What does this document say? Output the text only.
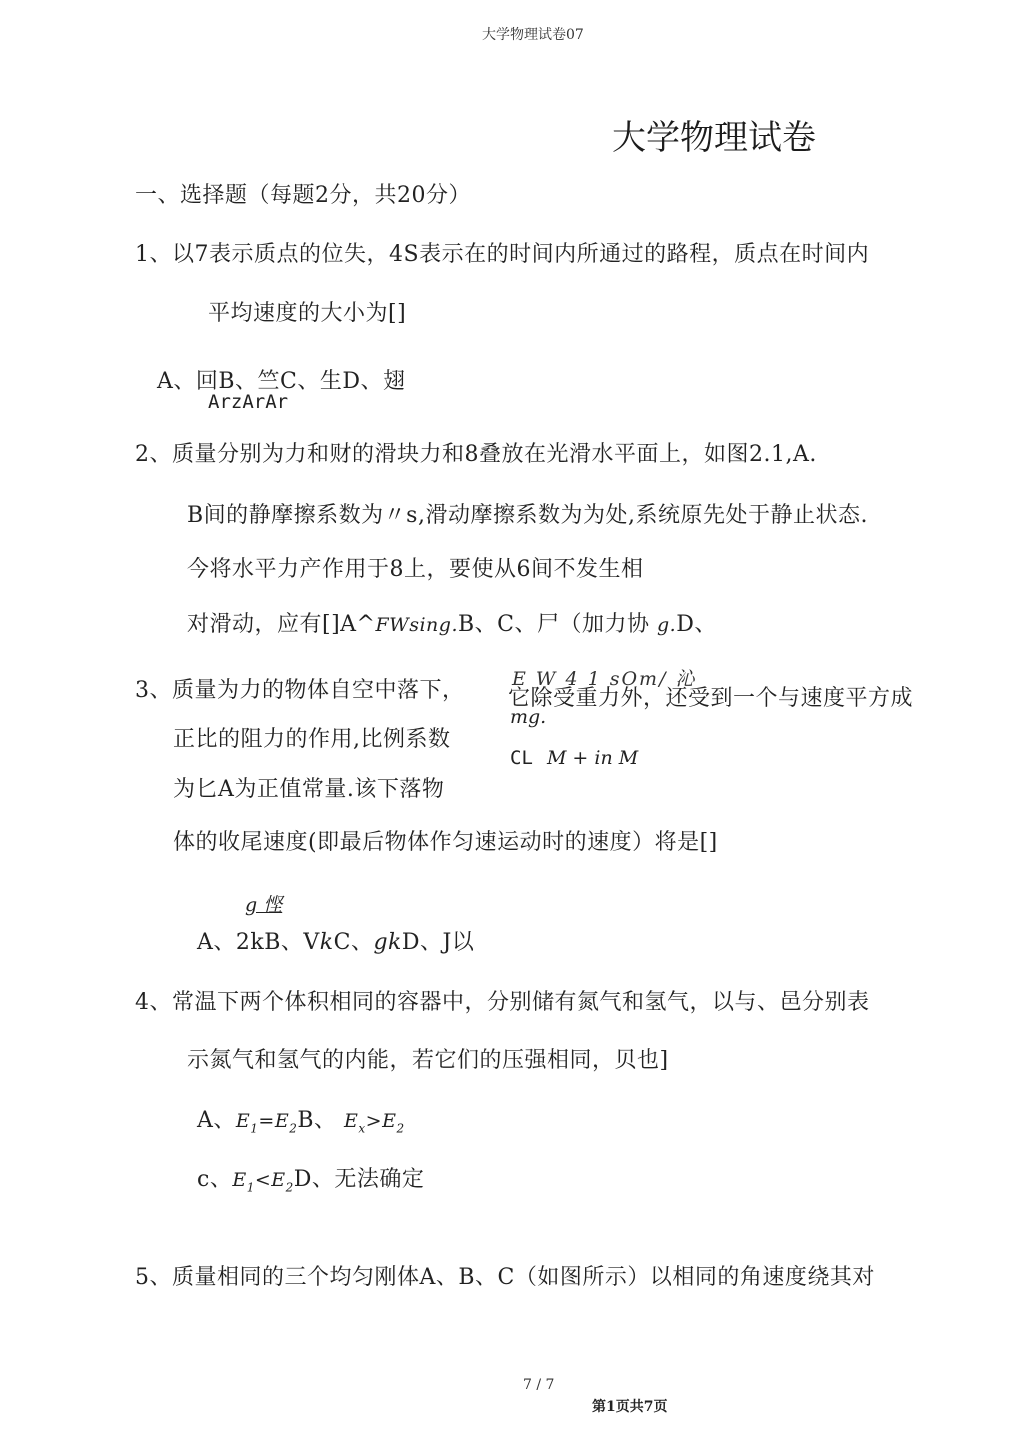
大学物理试卷07
大学物理试卷
一、选择题（每题2分，共20分）
1、以7表示质点的位失，4S表示在的时间内所通过的路程，质点在时间内
平均速度的大小为[]
A、回B、竺C、生D、翅
ArzArAr
2、质量分别为力和财的滑块力和8叠放在光滑水平面上，如图2.1,A.
B间的静摩擦系数为〃s,滑动摩擦系数为为处,系统原先处于静止状态.
今将水平力产作用于8上，要使从6间不发生相
对滑动，应有[]A^FWsing.B、C、尸（加力协 g.D、
3、质量为力的物体自空中落下， 它除受重力外，还受到一个与速度平方成
E W 4 1 sOm/ 沁
mg.
正比的阻力的作用,比例系数
CL M + in M
为匕A为正值常量.该下落物
体的收尾速度(即最后物体作匀速运动时的速度）将是[]
g 悭
A、2kB、VkC、gkD、J以
4、常温下两个体积相同的容器中，分别储有氮气和氢气，以与、邑分别表
示氮气和氢气的内能，若它们的压强相同，贝也]
A、$E_1=E_2B$、 $E_x>E_2$
c、$E_1<E_2D$、无法确定
5、质量相同的三个均匀刚体A、B、C（如图所示）以相同的角速度绕其对
7 / 7
第1页共7页
